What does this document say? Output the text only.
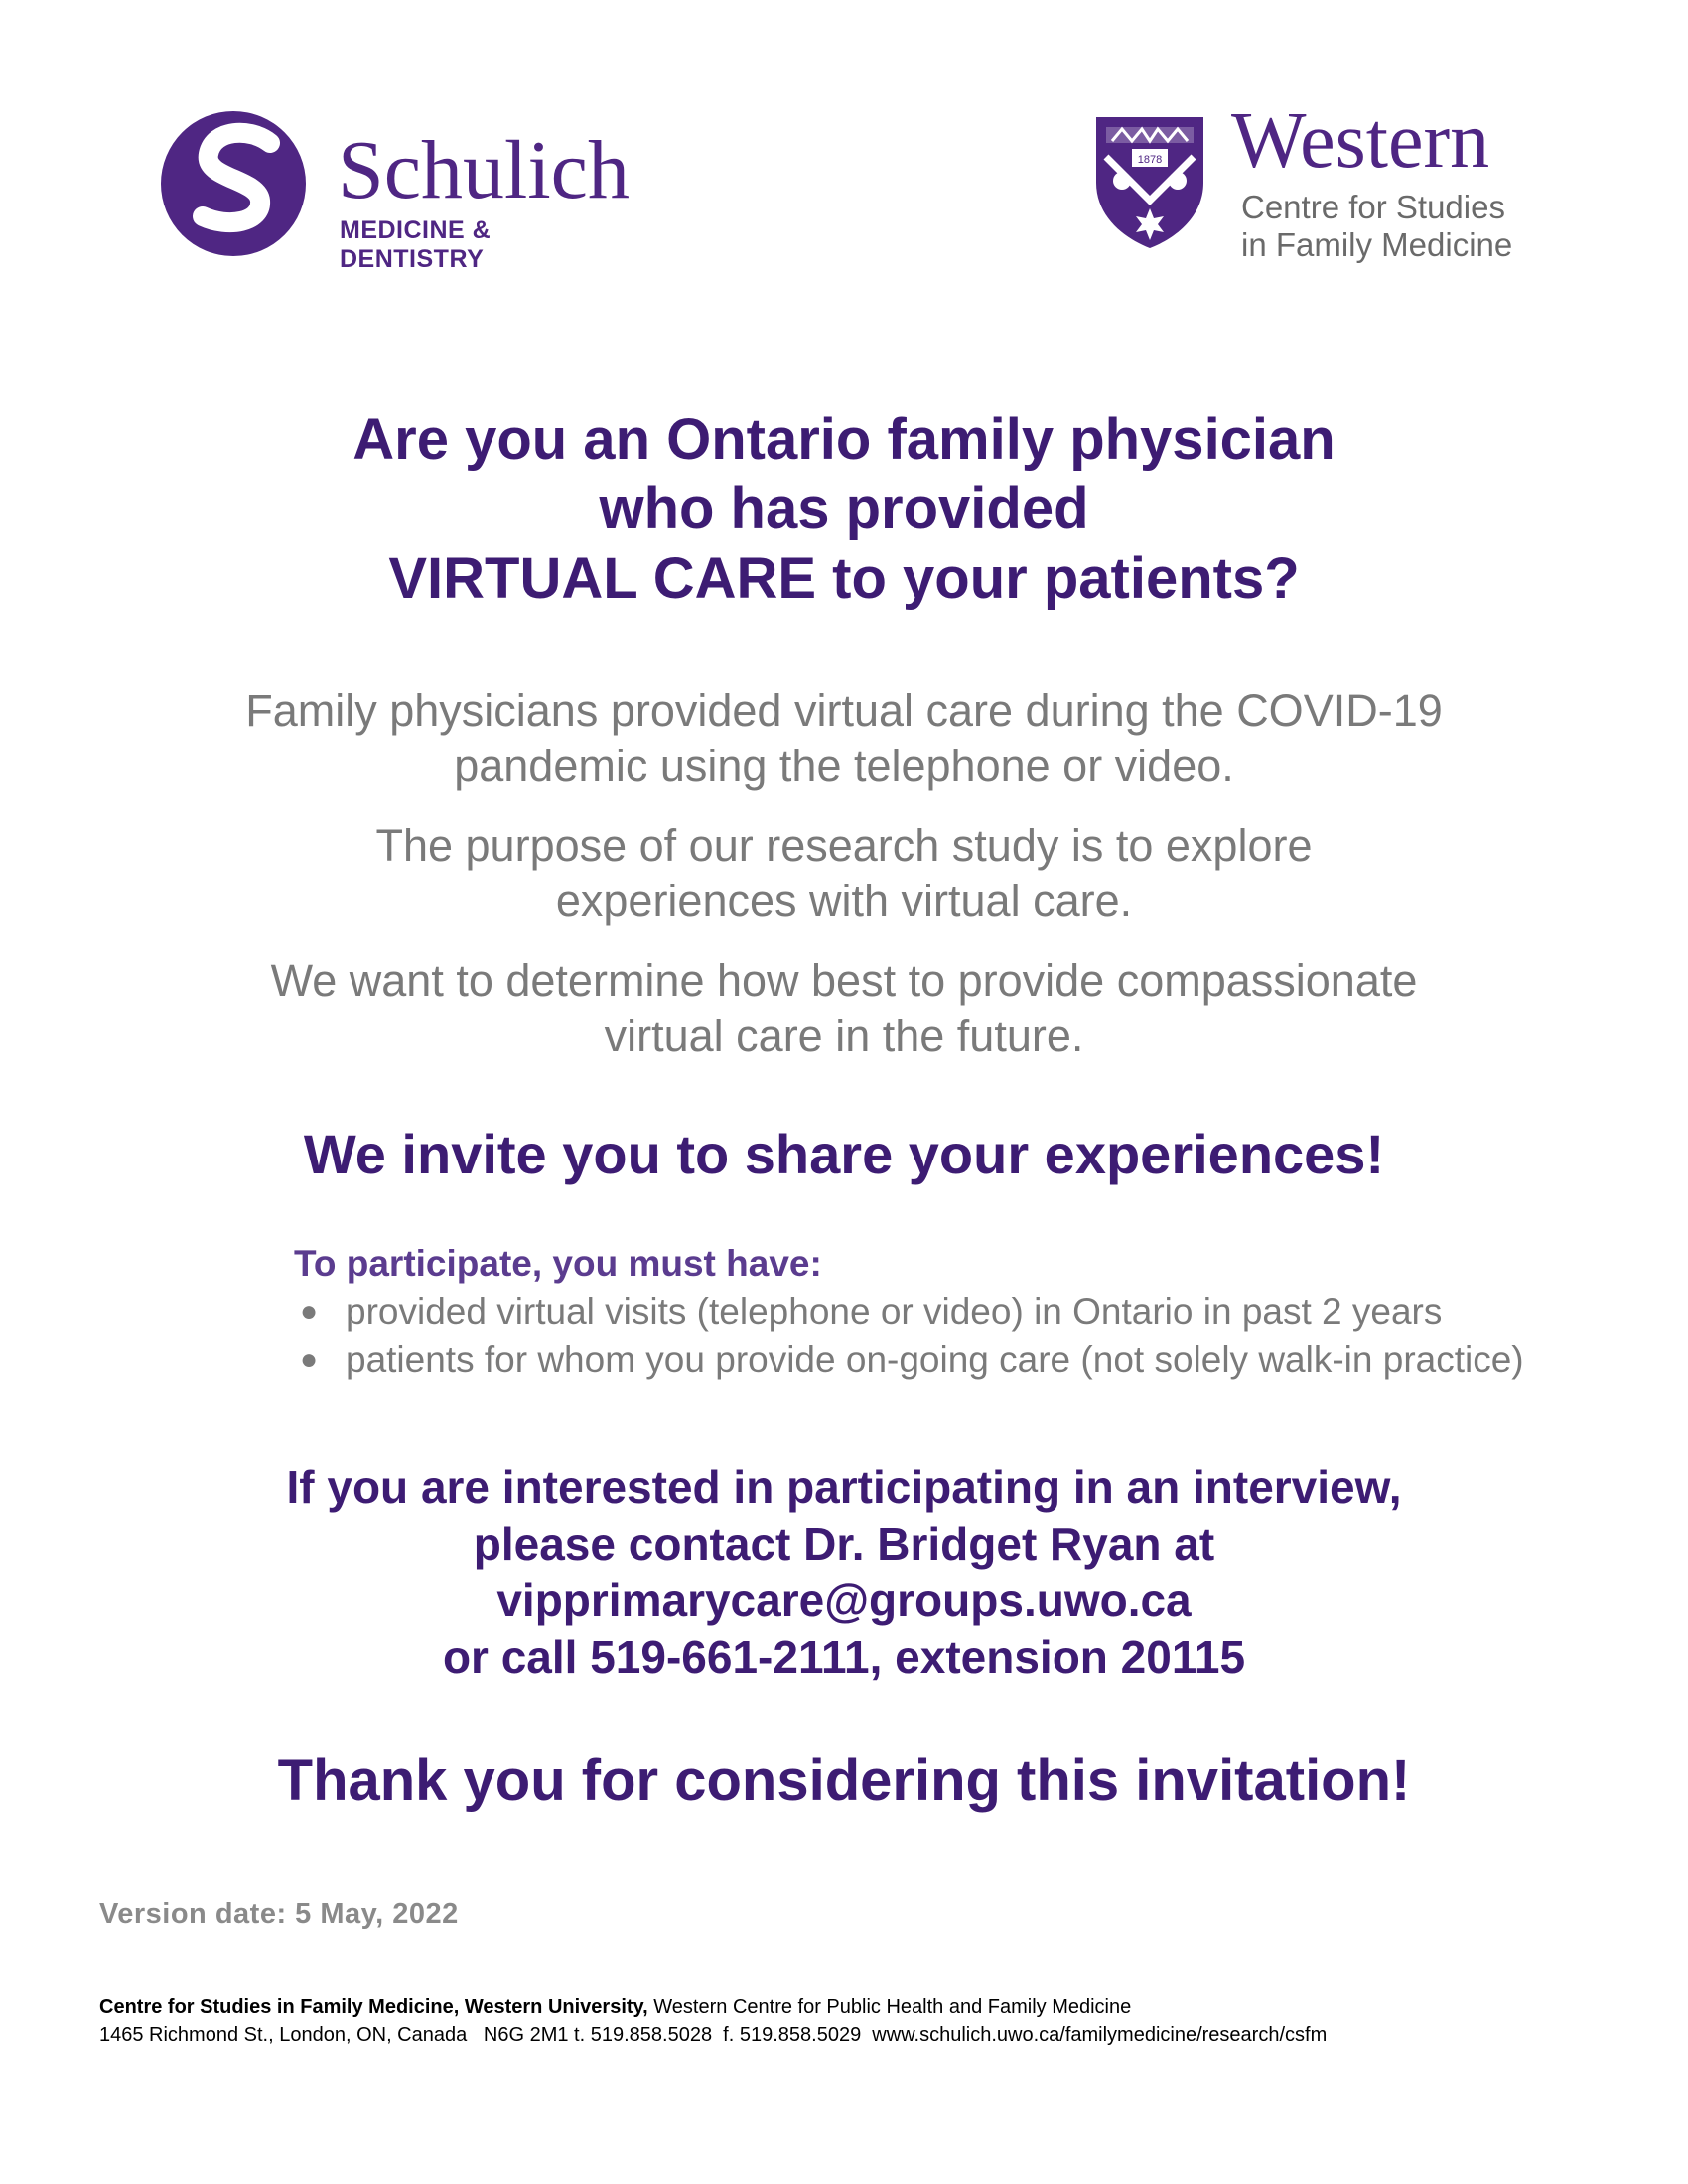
Schulich
MEDICINE & DENTISTRY
1878 Western
Centre for Studies
in Family Medicine
Are you an Ontario family physician
who has provided
VIRTUAL CARE to your patients?
Family physicians provided virtual care during the COVID-19
pandemic using the telephone or video.
The purpose of our research study is to explore
experiences with virtual care.
We want to determine how best to provide compassionate
virtual care in the future.
We invite you to share your experiences!
To participate, you must have:
● provided virtual visits (telephone or video) in Ontario in past 2 years
● patients for whom you provide on-going care (not solely walk-in practice)
If you are interested in participating in an interview,
please contact Dr. Bridget Ryan at
vipprimarycare@groups.uwo.ca
or call 519-661-2111, extension 20115
Thank you for considering this invitation!
Version date: 5 May, 2022
Centre for Studies in Family Medicine, Western University, Western Centre for Public Health and Family Medicine
1465 Richmond St., London, ON, Canada   N6G 2M1 t. 519.858.5028  f. 519.858.5029  www.schulich.uwo.ca/familymedicine/research/csfm
